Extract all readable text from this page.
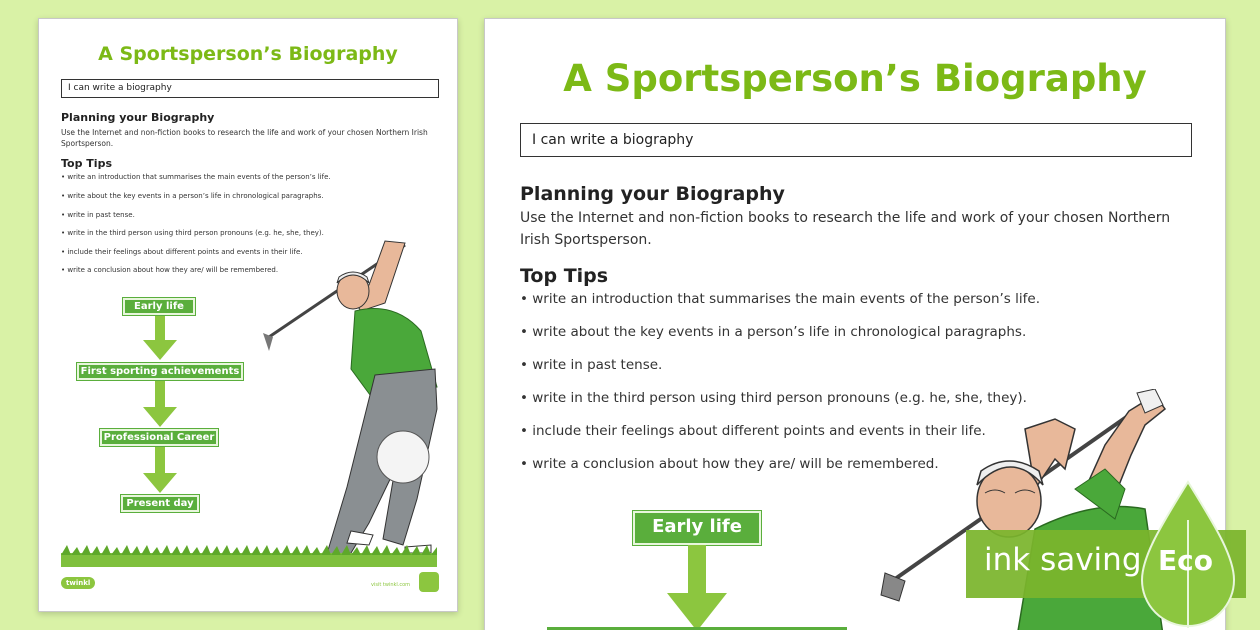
A Sportsperson’s Biography
I can write a biography
Planning your Biography
Use the Internet and non-fiction books to research the life and work of your chosen Northern Irish Sportsperson.
Top Tips
• write an introduction that summarises the main events of the person’s life.
• write about the key events in a person’s life in chronological paragraphs.
• write in past tense.
• write in the third person using third person pronouns (e.g. he, she, they).
• include their feelings about different points and events in their life.
• write a conclusion about how they are/ will be remembered.
Early life
First sporting achievements
Professional Career
Present day
twinkl	visit twinkl.com
A Sportsperson’s Biography
I can write a biography
Planning your Biography
Use the Internet and non-fiction books to research the life and work of your chosen Northern
Irish Sportsperson.
Top Tips
• write an introduction that summarises the main events of the person’s life.
• write about the key events in a person’s life in chronological paragraphs.
• write in past tense.
• write in the third person using third person pronouns (e.g. he, she, they).
• include their feelings about different points and events in their life.
• write a conclusion about how they are/ will be remembered.
Early life
ink saving Eco
